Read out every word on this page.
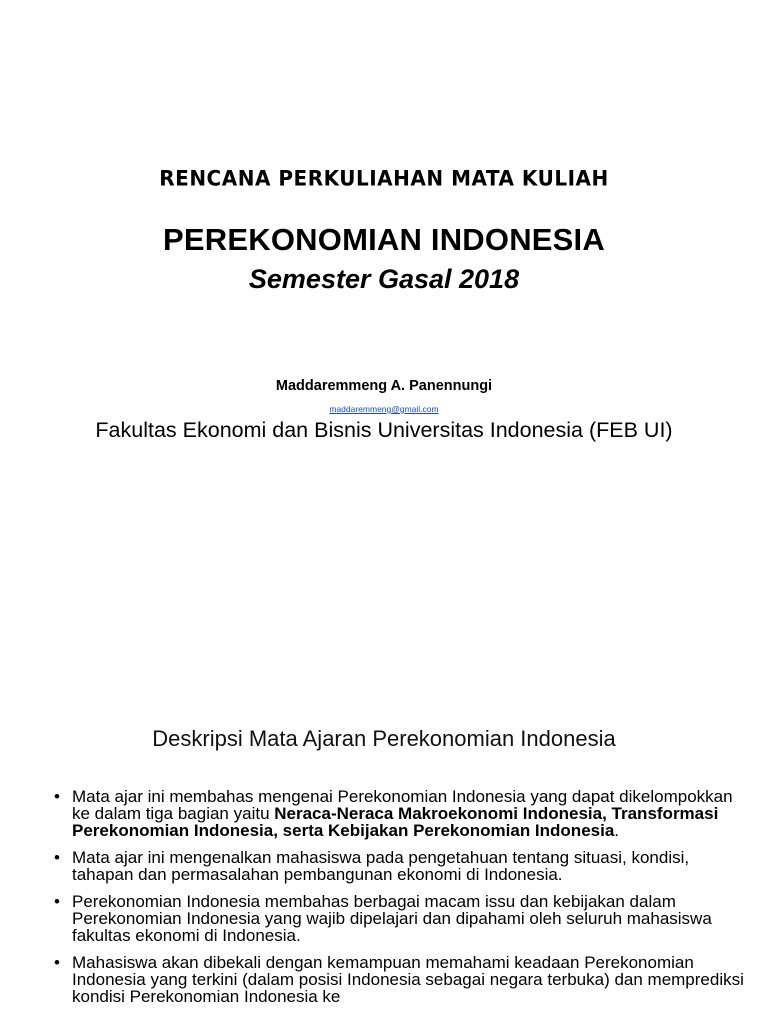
RENCANA PERKULIAHAN MATA KULIAH
PEREKONOMIAN INDONESIA
Semester Gasal 2018
Maddaremmeng A. Panennungi
maddaremmeng@gmail.com
Fakultas Ekonomi dan Bisnis Universitas Indonesia (FEB UI)
Deskripsi Mata Ajaran Perekonomian Indonesia
• Mata ajar ini membahas mengenai Perekonomian Indonesia yang dapat dikelompokkan ke dalam tiga bagian yaitu Neraca-Neraca Makroekonomi Indonesia, Transformasi Perekonomian Indonesia, serta Kebijakan Perekonomian Indonesia.
• Mata ajar ini mengenalkan mahasiswa pada pengetahuan tentang situasi, kondisi, tahapan dan permasalahan pembangunan ekonomi di Indonesia.
• Perekonomian Indonesia membahas berbagai macam issu dan kebijakan dalam Perekonomian Indonesia yang wajib dipelajari dan dipahami oleh seluruh mahasiswa fakultas ekonomi di Indonesia.
• Mahasiswa akan dibekali dengan kemampuan memahami keadaan Perekonomian Indonesia yang terkini (dalam posisi Indonesia sebagai negara terbuka) dan memprediksi kondisi Perekonomian Indonesia ke
